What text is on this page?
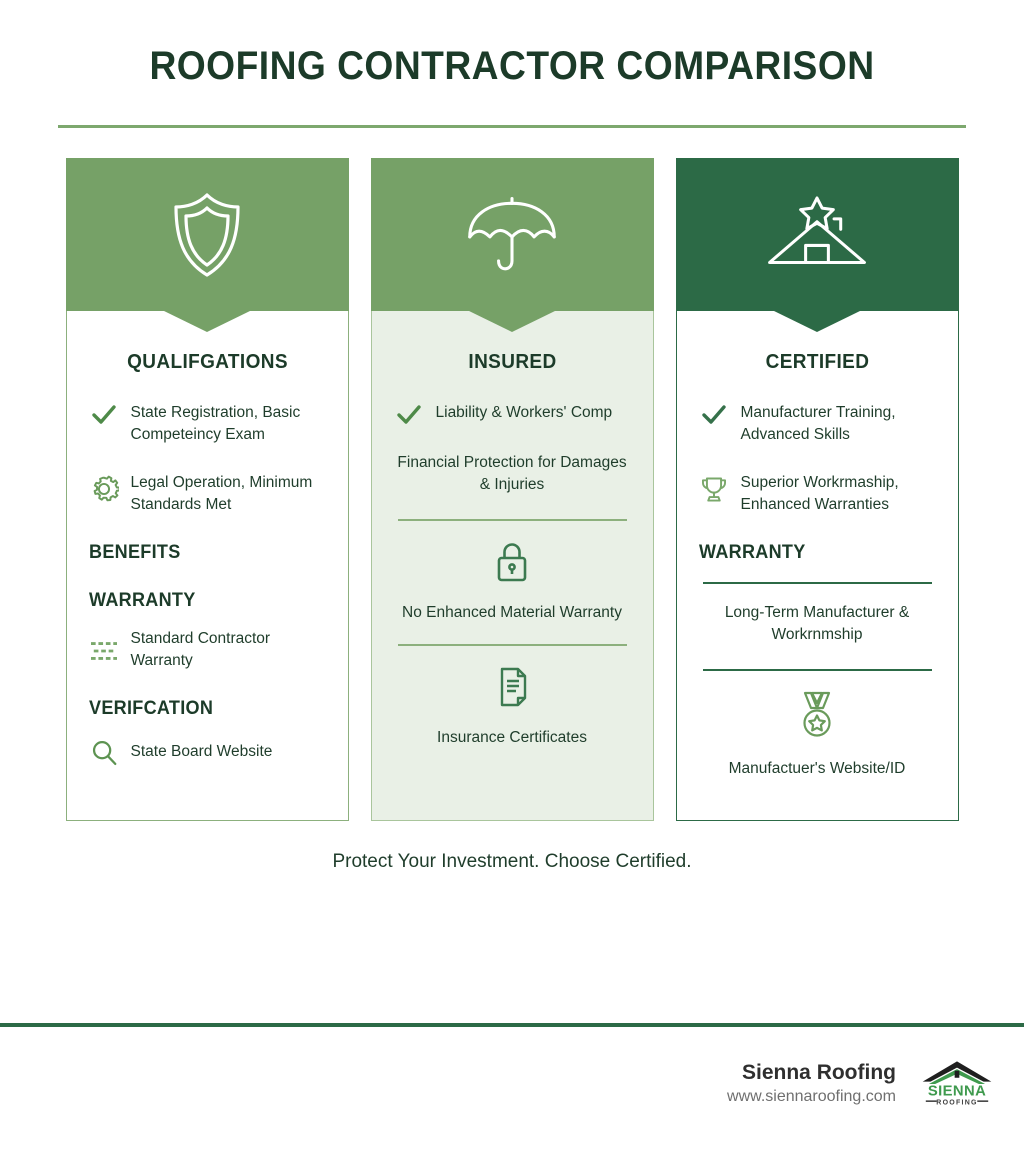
ROOFING CONTRACTOR COMPARISON
QUALIFGATIONS
State Registration, Basic Competeincy Exam
Legal Operation, Minimum Standards Met
BENEFITS
WARRANTY
Standard Contractor Warranty
VERIFCATION
State Board Website
INSURED
Liability & Workers' Comp
Financial Protection for Damages & Injuries
No Enhanced Material Warranty
Insurance Certificates
CERTIFIED
Manufacturer Training, Advanced Skills
Superior Workrmaship, Enhanced Warranties
WARRANTY
Long-Term Manufacturer & Workrnmship
Manufactuer's Website/ID
Protect Your Investment. Choose Certified.
Sienna Roofing
www.siennaroofing.com SIENNA
ROOFING
